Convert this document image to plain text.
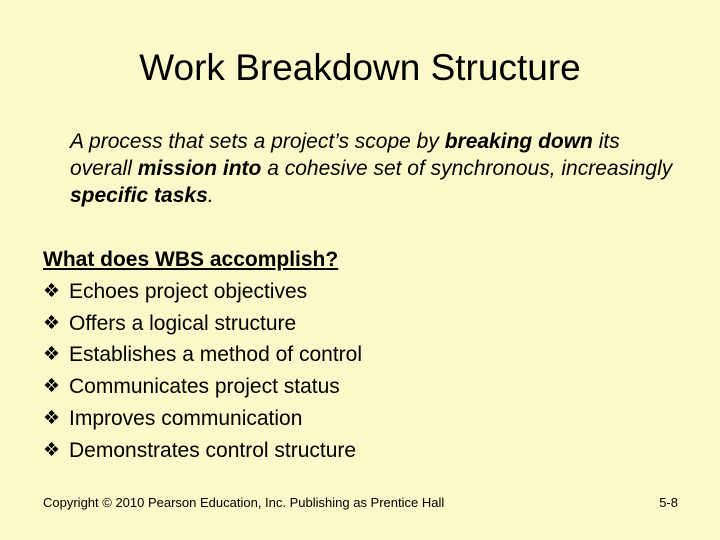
Work Breakdown Structure

A process that sets a project’s scope by breaking down its overall mission into a cohesive set of synchronous, increasingly specific tasks.

What does WBS accomplish?

❖ Echoes project objectives
❖ Offers a logical structure
❖ Establishes a method of control
❖ Communicates project status
❖ Improves communication
❖ Demonstrates control structure
Copyright © 2010 Pearson Education, Inc. Publishing as Prentice Hall	5-8
